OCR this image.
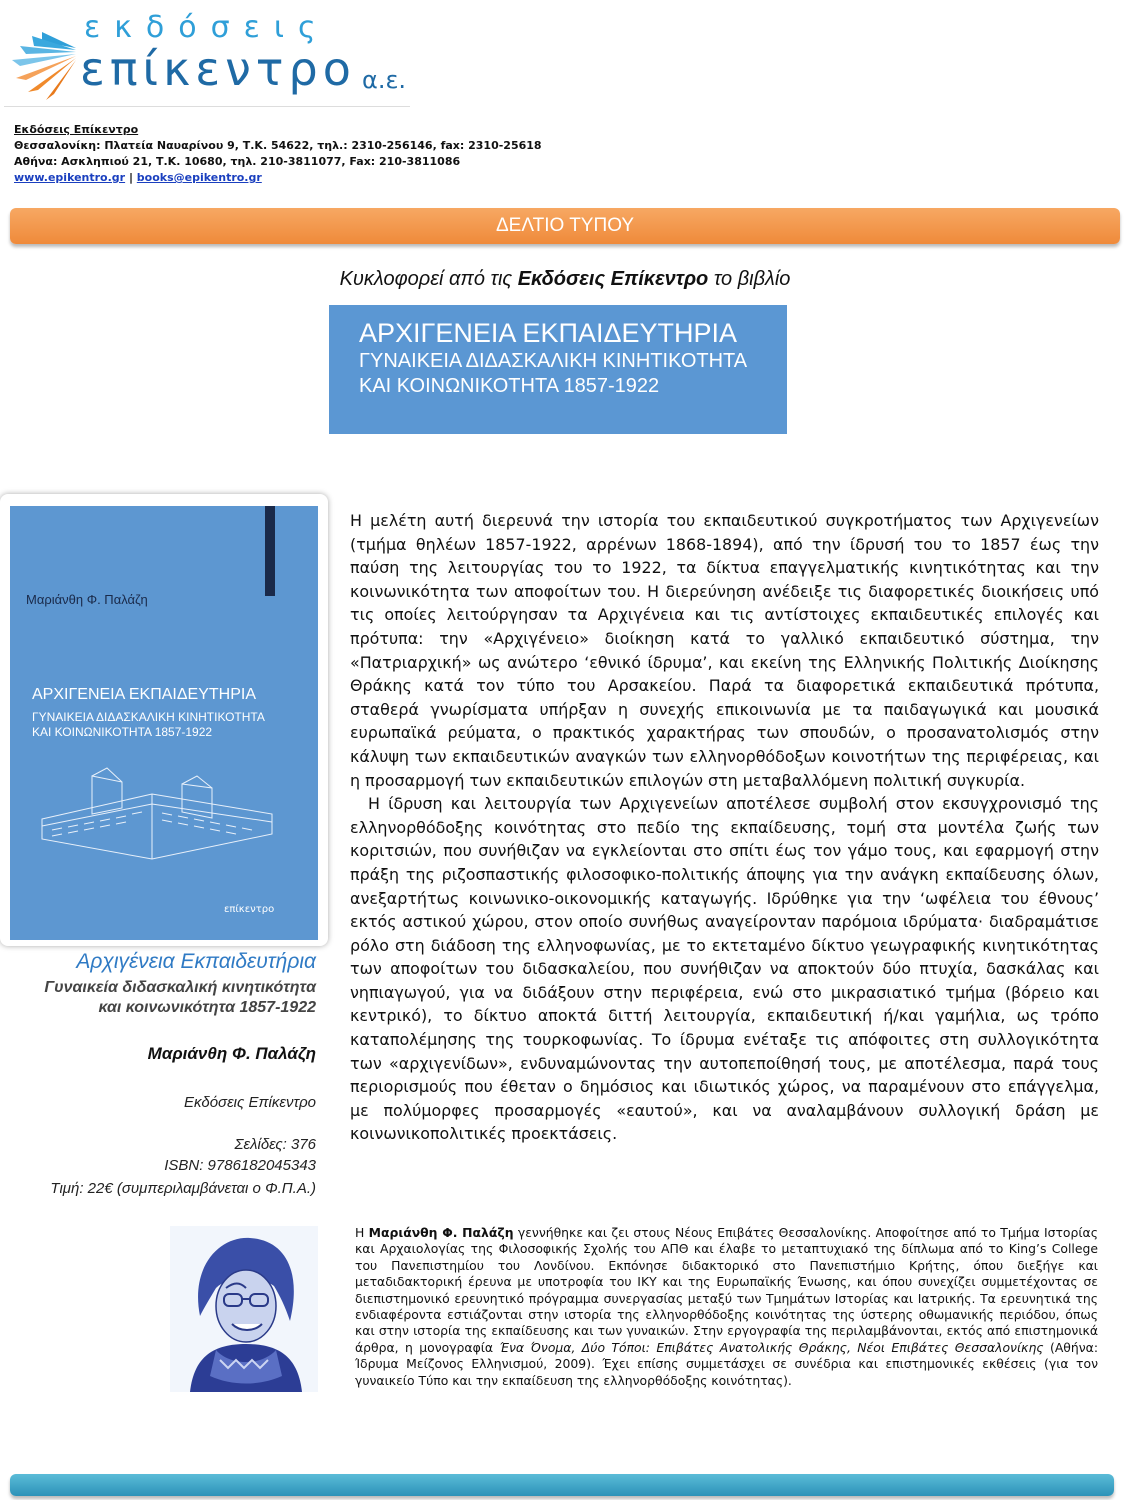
εκδόσεις
επίκεντρο α.ε.
Εκδόσεις Επίκεντρο
Θεσσαλονίκη: Πλατεία Ναυαρίνου 9, Τ.Κ. 54622, τηλ.: 2310-256146, fax: 2310-25618
Αθήνα: Ασκληπιού 21, Τ.Κ. 10680, τηλ. 210-3811077, Fax: 210-3811086
www.epikentro.gr | books@epikentro.gr
ΔΕΛΤΙΟ ΤΥΠΟΥ
Κυκλοφορεί από τις Εκδόσεις Επίκεντρο το βιβλίο
ΑΡΧΙΓΕΝΕΙΑ ΕΚΠΑΙΔΕΥΤΗΡΙΑ
ΓΥΝΑΙΚΕΙΑ ΔΙΔΑΣΚΑΛΙΚΗ ΚΙΝΗΤΙΚΟΤΗΤΑ
ΚΑΙ ΚΟΙΝΩΝΙΚΟΤΗΤΑ 1857-1922
Μαριάνθη Φ. Παλάζη
ΑΡΧΙΓΕΝΕΙΑ ΕΚΠΑΙΔΕΥΤΗΡΙΑ
ΓΥΝΑΙΚΕΙΑ ΔΙΔΑΣΚΑΛΙΚΗ ΚΙΝΗΤΙΚΟΤΗΤΑ
ΚΑΙ ΚΟΙΝΩΝΙΚΟΤΗΤΑ 1857-1922
επίκεντρο
Αρχιγένεια Εκπαιδευτήρια
Γυναικεία διδασκαλική κινητικότητα
και κοινωνικότητα 1857-1922
Μαριάνθη Φ. Παλάζη
Εκδόσεις Επίκεντρο
Σελίδες: 376
ISBN: 9786182045343
Τιμή: 22€ (συμπεριλαμβάνεται ο Φ.Π.Α.)

Η μελέτη αυτή διερευνά την ιστορία του εκπαιδευτικού συγκροτήματος των Αρχιγενείων (τμήμα θηλέων 1857-1922, αρρένων 1868-1894), από την ίδρυσή του το 1857 έως την παύση της λειτουργίας του το 1922, τα δίκτυα επαγγελματικής κινητικότητας και την κοινωνικότητα των αποφοίτων του. Η διερεύνηση ανέδειξε τις διαφορετικές διοικήσεις υπό τις οποίες λειτούργησαν τα Αρχιγένεια και τις αντίστοιχες εκπαιδευτικές επιλογές και πρότυπα: την «Αρχιγένειο» διοίκηση κατά το γαλλικό εκπαιδευτικό σύστημα, την «Πατριαρχική» ως ανώτερο ‘εθνικό ίδρυμα’, και εκείνη της Ελληνικής Πολιτικής Διοίκησης Θράκης κατά τον τύπο του Αρσακείου. Παρά τα διαφορετικά εκπαιδευτικά πρότυπα, σταθερά γνωρίσματα υπήρξαν η συνεχής επικοινωνία με τα παιδαγωγικά και μουσικά ευρωπαϊκά ρεύματα, ο πρακτικός χαρακτήρας των σπουδών, ο προσανατολισμός στην κάλυψη των εκπαιδευτικών αναγκών των ελληνορθόδοξων κοινοτήτων της περιφέρειας, και η προσαρμογή των εκπαιδευτικών επιλογών στη μεταβαλλόμενη πολιτική συγκυρία.

Η ίδρυση και λειτουργία των Αρχιγενείων αποτέλεσε συμβολή στον εκσυγχρονισμό της ελληνορθόδοξης κοινότητας στο πεδίο της εκπαίδευσης, τομή στα μοντέλα ζωής των κοριτσιών, που συνήθιζαν να εγκλείονται στο σπίτι έως τον γάμο τους, και εφαρμογή στην πράξη της ριζοσπαστικής φιλοσοφικο-πολιτικής άποψης για την ανάγκη εκπαίδευσης όλων, ανεξαρτήτως κοινωνικο-οικονομικής καταγωγής. Ιδρύθηκε για την ‘ωφέλεια του έθνους’ εκτός αστικού χώρου, στον οποίο συνήθως αναγείρονταν παρόμοια ιδρύματα· διαδραμάτισε ρόλο στη διάδοση της ελληνοφωνίας, με το εκτεταμένο δίκτυο γεωγραφικής κινητικότητας των αποφοίτων του διδασκαλείου, που συνήθιζαν να αποκτούν δύο πτυχία, δασκάλας και νηπιαγωγού, για να διδάξουν στην περιφέρεια, ενώ στο μικρασιατικό τμήμα (βόρειο και κεντρικό), το δίκτυο αποκτά διττή λειτουργία, εκπαιδευτική ή/και γαμήλια, ως τρόπο καταπολέμησης της τουρκοφωνίας. Το ίδρυμα ενέταξε τις απόφοιτες στη συλλογικότητα των «αρχιγενίδων», ενδυναμώνοντας την αυτοπεποίθησή τους, με αποτέλεσμα, παρά τους περιορισμούς που έθεταν ο δημόσιος και ιδιωτικός χώρος, να παραμένουν στο επάγγελμα, με πολύμορφες προσαρμογές «εαυτού», και να αναλαμβάνουν συλλογική δράση με κοινωνικοπολιτικές προεκτάσεις.

Η Μαριάνθη Φ. Παλάζη γεννήθηκε και ζει στους Νέους Επιβάτες Θεσσαλονίκης. Αποφοίτησε από το Τμήμα Ιστορίας και Αρχαιολογίας της Φιλοσοφικής Σχολής του ΑΠΘ και έλαβε το μεταπτυχιακό της δίπλωμα από το King’s College του Πανεπιστημίου του Λονδίνου. Εκπόνησε διδακτορικό στο Πανεπιστήμιο Κρήτης, όπου διεξήγε και μεταδιδακτορική έρευνα με υποτροφία του ΙΚΥ και της Ευρωπαϊκής Ένωσης, και όπου συνεχίζει συμμετέχοντας σε διεπιστημονικό ερευνητικό πρόγραμμα συνεργασίας μεταξύ των Τμημάτων Ιστορίας και Ιατρικής. Τα ερευνητικά της ενδιαφέροντα εστιάζονται στην ιστορία της ελληνορθόδοξης κοινότητας της ύστερης οθωμανικής περιόδου, όπως και στην ιστορία της εκπαίδευσης και των γυναικών. Στην εργογραφία της περιλαμβάνονται, εκτός από επιστημονικά άρθρα, η μονογραφία Ένα Όνομα, Δύο Τόποι: Επιβάτες Ανατολικής Θράκης, Νέοι Επιβάτες Θεσσαλονίκης (Αθήνα: Ίδρυμα Μείζονος Ελληνισμού, 2009). Έχει επίσης συμμετάσχει σε συνέδρια και επιστημονικές εκθέσεις (για τον γυναικείο Τύπο και την εκπαίδευση της ελληνορθόδοξης κοινότητας).
